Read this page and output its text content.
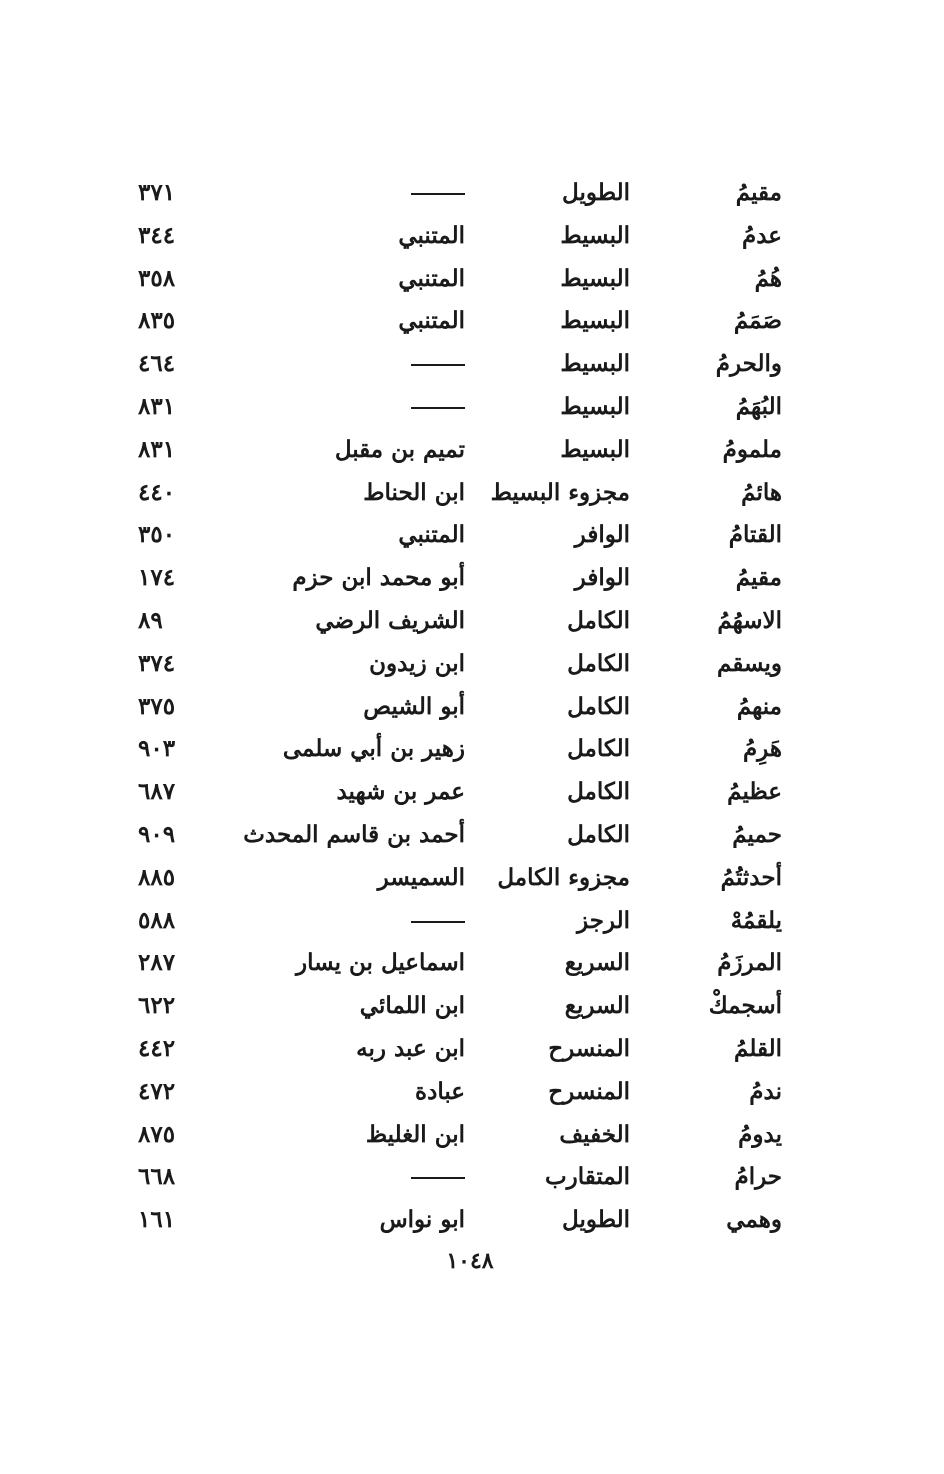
مقيمُ
الطويل
٣٧١
عدمُ
البسيط
المتنبي
٣٤٤
هُمُ
البسيط
المتنبي
٣٥٨
صَمَمُ
البسيط
المتنبي
٨٣٥
والحرمُ
البسيط
٤٦٤
البُهَمُ
البسيط
٨٣١
ملمومُ
البسيط
تميم بن مقبل
٨٣١
هائمُ
مجزوء البسيط
ابن الحناط
٤٤٠
القتامُ
الوافر
المتنبي
٣٥٠
مقيمُ
الوافر
أبو محمد ابن حزم
١٧٤
الاسهُمُ
الكامل
الشريف الرضي
٨٩
ويسقم
الكامل
ابن زيدون
٣٧٤
منهمُ
الكامل
أبو الشيص
٣٧٥
هَرِمُ
الكامل
زهير بن أبي سلمى
٩٠٣
عظيمُ
الكامل
عمر بن شهيد
٦٨٧
حميمُ
الكامل
أحمد بن قاسم المحدث
٩٠٩
أحدثتُمُ
مجزوء الكامل
السميسر
٨٨٥
يلقمُهْ
الرجز
٥٨٨
المرزَمُ
السريع
اسماعيل بن يسار
٢٨٧
أسجمكْ
السريع
ابن اللمائي
٦٢٢
القلمُ
المنسرح
ابن عبد ربه
٤٤٢
ندمُ
المنسرح
عبادة
٤٧٢
يدومُ
الخفيف
ابن الغليظ
٨٧٥
حرامُ
المتقارب
٦٦٨
وهمي
الطويل
ابو نواس
١٦١
١٠٤٨
